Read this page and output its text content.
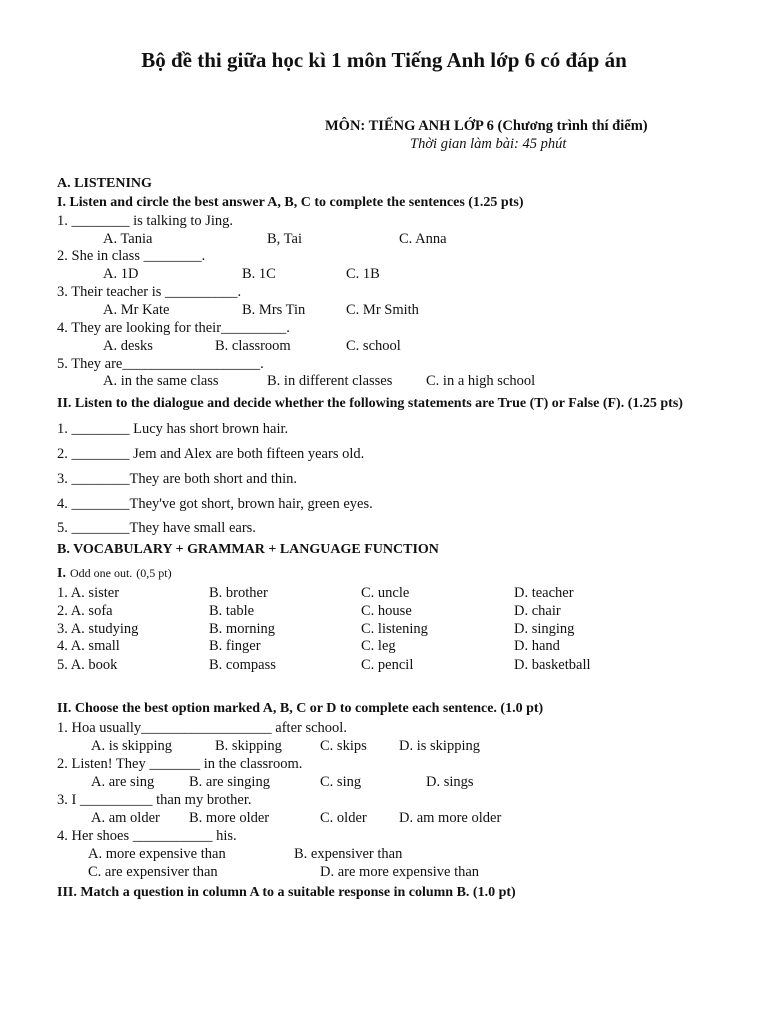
Bộ đề thi giữa học kì 1 môn Tiếng Anh lớp 6 có đáp án
MÔN: TIẾNG ANH LỚP 6 (Chương trình thí điểm)
Thời gian làm bài: 45 phút
A. LISTENING
I. Listen and circle the best answer A, B, C to complete the sentences (1.25 pts)
1. ________ is talking to Jing.
A. Tania	B, Tai	C. Anna
2. She in class ________.
A. 1D	B. 1C	C. 1B
3. Their teacher is __________.
A. Mr Kate	B. Mrs Tin	C. Mr Smith
4. They are looking for their_________.
A. desks	B. classroom	C. school
5. They are___________________.
A. in the same class	B. in different classes C. in a high school
II. Listen to the dialogue and decide whether the following statements are True (T) or False (F). (1.25 pts)
1. ________ Lucy has short brown hair.
2. ________ Jem and Alex are both fifteen years old.
3. ________They are both short and thin.
4. ________They've got short, brown hair, green eyes.
5. ________They have small ears.
B. VOCABULARY + GRAMMAR + LANGUAGE FUNCTION
I. Odd one out. (0,5 pt)
1. A. sister	B. brother	C. uncle	D. teacher
2. A. sofa	B. table	C. house	D. chair
3. A. studying	B. morning	C. listening	D. singing
4. A. small	B. finger	C. leg	D. hand
5. A. book	B. compass	C. pencil	D. basketball
II. Choose the best option marked A, B, C or D to complete each sentence. (1.0 pt)
1. Hoa usually__________________ after school.
A. is skipping	B. skipping	C. skips D. is skipping
2. Listen! They _______ in the classroom.
A. are sing B. are singing	C. sing	D. sings
3. I __________ than my brother.
A. am older B. more older	C. older D. am more older
4. Her shoes ___________ his.
A. more expensive than	B. expensiver than
C. are expensiver than	D. are more expensive than
III. Match a question in column A to a suitable response in column B. (1.0 pt)
